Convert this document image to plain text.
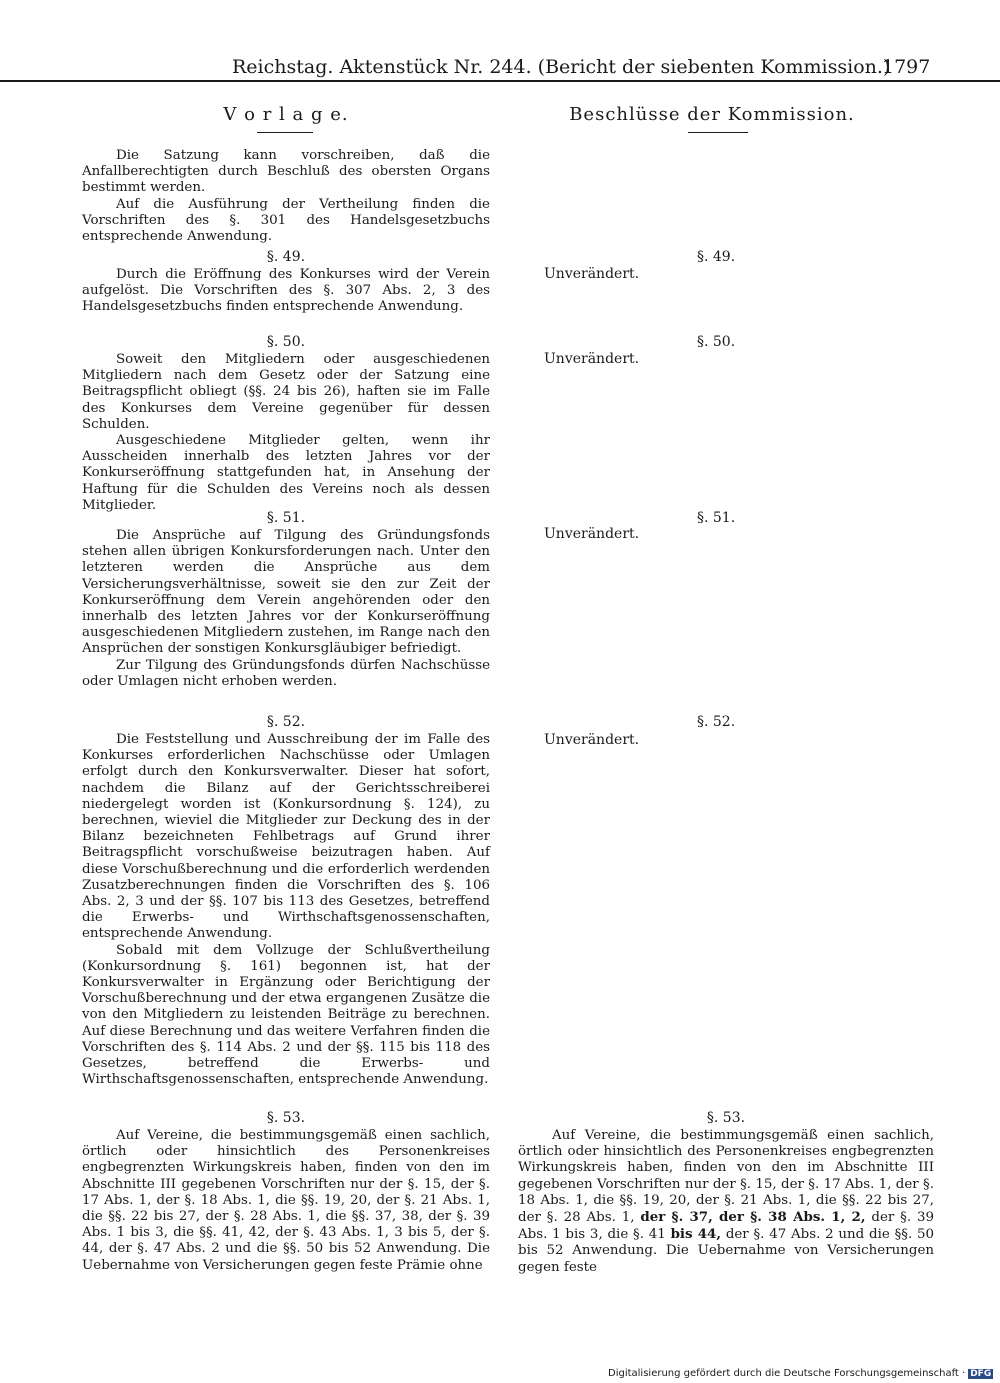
Reichstag. Aktenstück Nr. 244. (Bericht der siebenten Kommission.)
1797
V o r l a g e.	Beschlüsse der Kommission.

Die Satzung kann vorschreiben, daß die Anfallberechtigten durch Beschluß des obersten Organs bestimmt werden.

Auf die Ausführung der Vertheilung finden die Vorschriften des §. 301 des Handelsgesetzbuchs entsprechende Anwendung.

§. 49.

Durch die Eröffnung des Konkurses wird der Verein aufgelöst. Die Vorschriften des §. 307 Abs. 2, 3 des Handelsgesetzbuchs finden entsprechende Anwendung.

§. 50.

Soweit den Mitgliedern oder ausgeschiedenen Mitgliedern nach dem Gesetz oder der Satzung eine Beitragspflicht obliegt (§§. 24 bis 26), haften sie im Falle des Konkurses dem Vereine gegenüber für dessen Schulden.

Ausgeschiedene Mitglieder gelten, wenn ihr Ausscheiden innerhalb des letzten Jahres vor der Konkurseröffnung stattgefunden hat, in Ansehung der Haftung für die Schulden des Vereins noch als dessen Mitglieder.

§. 51.

Die Ansprüche auf Tilgung des Gründungsfonds stehen allen übrigen Konkursforderungen nach. Unter den letzteren werden die Ansprüche aus dem Versicherungsverhältnisse, soweit sie den zur Zeit der Konkurseröffnung dem Verein angehörenden oder den innerhalb des letzten Jahres vor der Konkurseröffnung ausgeschiedenen Mitgliedern zustehen, im Range nach den Ansprüchen der sonstigen Konkursgläubiger befriedigt.

Zur Tilgung des Gründungsfonds dürfen Nachschüsse oder Umlagen nicht erhoben werden.

§. 52.

Die Feststellung und Ausschreibung der im Falle des Konkurses erforderlichen Nachschüsse oder Umlagen erfolgt durch den Konkursverwalter. Dieser hat sofort, nachdem die Bilanz auf der Gerichtsschreiberei niedergelegt worden ist (Konkursordnung §. 124), zu berechnen, wieviel die Mitglieder zur Deckung des in der Bilanz bezeichneten Fehlbetrags auf Grund ihrer Beitragspflicht vorschußweise beizutragen haben. Auf diese Vorschußberechnung und die erforderlich werdenden Zusatzberechnungen finden die Vorschriften des §. 106 Abs. 2, 3 und der §§. 107 bis 113 des Gesetzes, betreffend die Erwerbs- und Wirthschaftsgenossenschaften, entsprechende Anwendung.

Sobald mit dem Vollzuge der Schlußvertheilung (Konkursordnung §. 161) begonnen ist, hat der Konkursverwalter in Ergänzung oder Berichtigung der Vorschußberechnung und der etwa ergangenen Zusätze die von den Mitgliedern zu leistenden Beiträge zu berechnen. Auf diese Berechnung und das weitere Verfahren finden die Vorschriften des §. 114 Abs. 2 und der §§. 115 bis 118 des Gesetzes, betreffend die Erwerbs- und Wirthschaftsgenossenschaften, entsprechende Anwendung.

§. 53.

Auf Vereine, die bestimmungsgemäß einen sachlich, örtlich oder hinsichtlich des Personenkreises engbegrenzten Wirkungskreis haben, finden von den im Abschnitte III gegebenen Vorschriften nur der §. 15, der §. 17 Abs. 1, der §. 18 Abs. 1, die §§. 19, 20, der §. 21 Abs. 1, die §§. 22 bis 27, der §. 28 Abs. 1, die §§. 37, 38, der §. 39 Abs. 1 bis 3, die §§. 41, 42, der §. 43 Abs. 1, 3 bis 5, der §. 44, der §. 47 Abs. 2 und die §§. 50 bis 52 Anwendung. Die Uebernahme von Versicherungen gegen feste Prämie ohne

§. 49.
Unverändert.
§. 50.
Unverändert.
§. 51.
Unverändert.
§. 52.
Unverändert.

§. 53.

Auf Vereine, die bestimmungsgemäß einen sachlich, örtlich oder hinsichtlich des Personenkreises engbegrenzten Wirkungskreis haben, finden von den im Abschnitte III gegebenen Vorschriften nur der §. 15, der §. 17 Abs. 1, der §. 18 Abs. 1, die §§. 19, 20, der §. 21 Abs. 1, die §§. 22 bis 27, der §. 28 Abs. 1, der §. 37, der §. 38 Abs. 1, 2, der §. 39 Abs. 1 bis 3, die §. 41 bis 44, der §. 47 Abs. 2 und die §§. 50 bis 52 Anwendung. Die Uebernahme von Versicherungen gegen feste

Digitalisierung gefördert durch die Deutsche Forschungsgemeinschaft · DFG
